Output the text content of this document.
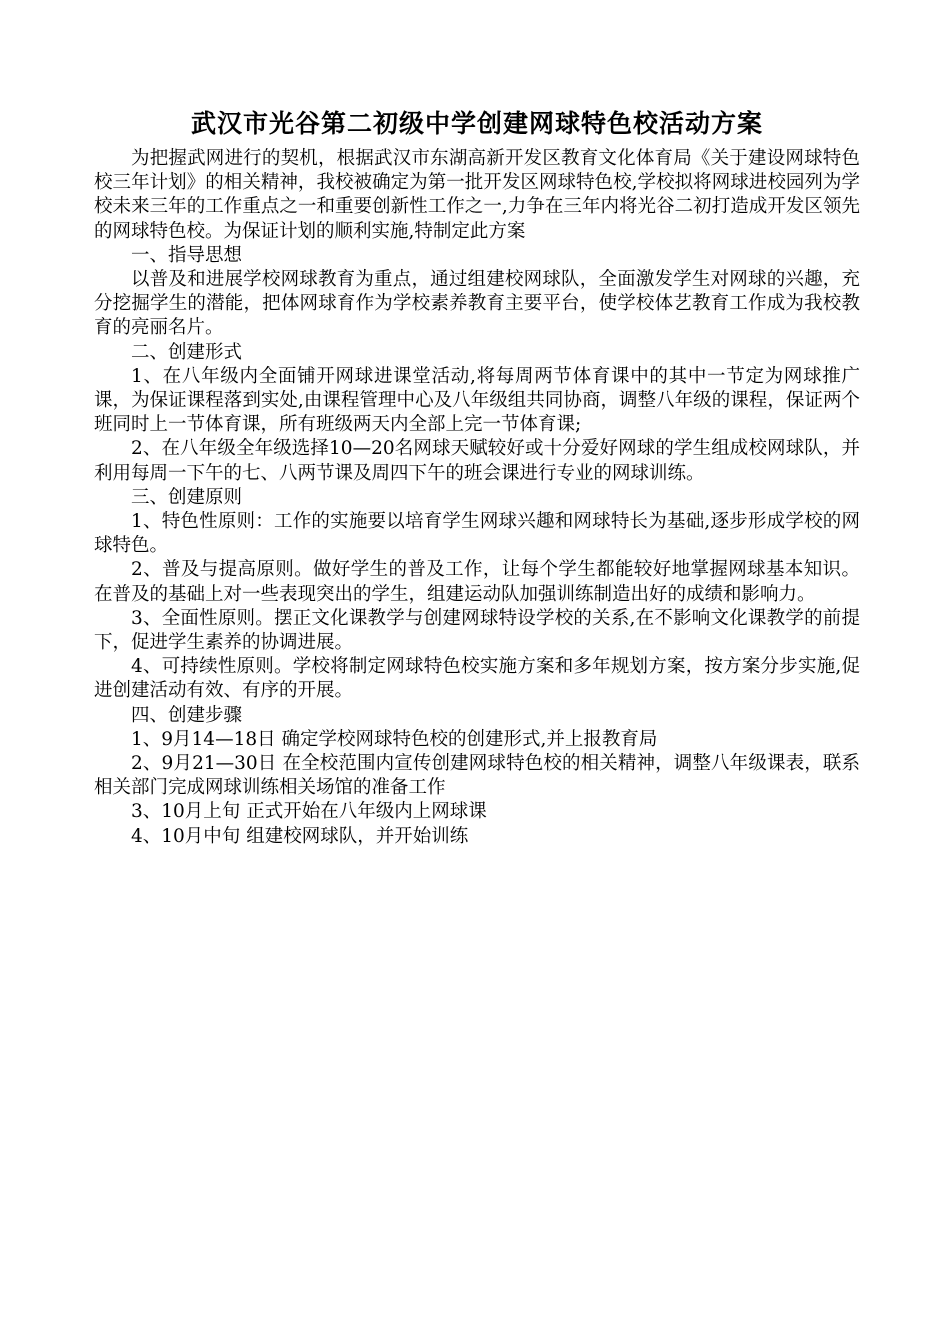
武汉市光谷第二初级中学创建网球特色校活动方案

为把握武网进行的契机，根据武汉市东湖高新开发区教育文化体育局《关于建设网球特色校三年计划》的相关精神，我校被确定为第一批开发区网球特色校,学校拟将网球进校园列为学校未来三年的工作重点之一和重要创新性工作之一,力争在三年内将光谷二初打造成开发区领先的网球特色校。为保证计划的顺利实施,特制定此方案

一、指导思想

以普及和进展学校网球教育为重点，通过组建校网球队，全面激发学生对网球的兴趣，充分挖掘学生的潜能，把体网球育作为学校素养教育主要平台，使学校体艺教育工作成为我校教育的亮丽名片。

二、创建形式

1、在八年级内全面铺开网球进课堂活动,将每周两节体育课中的其中一节定为网球推广课，为保证课程落到实处,由课程管理中心及八年级组共同协商，调整八年级的课程，保证两个班同时上一节体育课，所有班级两天内全部上完一节体育课;

2、在八年级全年级选择10—20名网球天赋较好或十分爱好网球的学生组成校网球队，并利用每周一下午的七、八两节课及周四下午的班会课进行专业的网球训练。

三、创建原则

1、特色性原则：工作的实施要以培育学生网球兴趣和网球特长为基础,逐步形成学校的网球特色。

2、普及与提高原则。做好学生的普及工作，让每个学生都能较好地掌握网球基本知识。在普及的基础上对一些表现突出的学生，组建运动队加强训练制造出好的成绩和影响力。

3、全面性原则。摆正文化课教学与创建网球特设学校的关系,在不影响文化课教学的前提下，促进学生素养的协调进展。

4、可持续性原则。学校将制定网球特色校实施方案和多年规划方案，按方案分步实施,促进创建活动有效、有序的开展。

四、创建步骤

1、9月14—18日 确定学校网球特色校的创建形式,并上报教育局

2、9月21—30日 在全校范围内宣传创建网球特色校的相关精神，调整八年级课表，联系相关部门完成网球训练相关场馆的准备工作

3、10月上旬 正式开始在八年级内上网球课

4、10月中旬 组建校网球队，并开始训练
